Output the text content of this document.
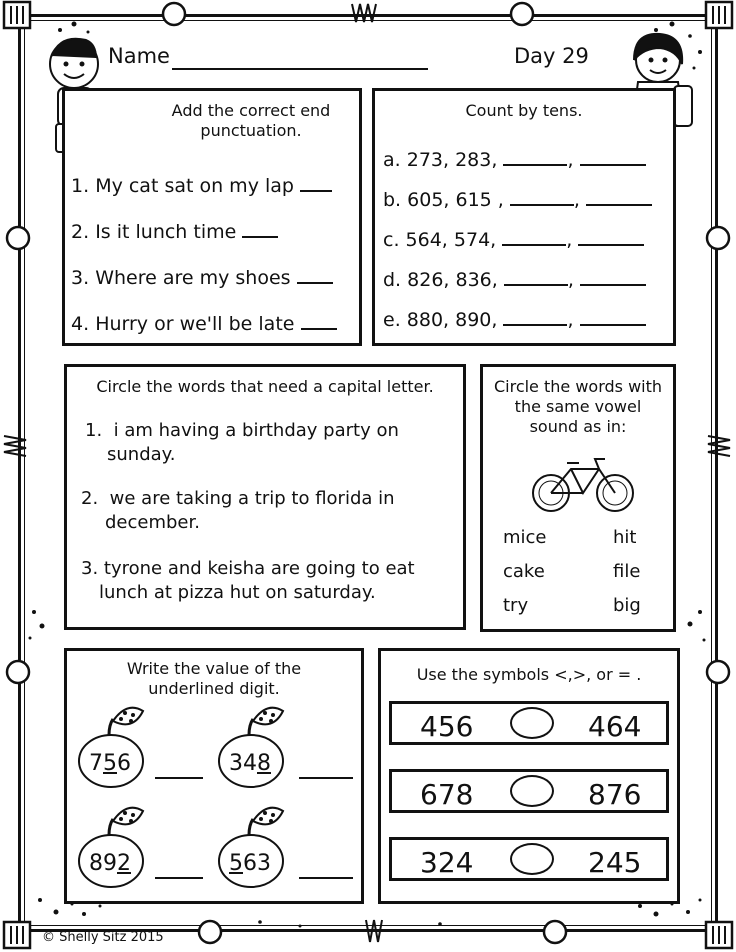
Name	Day 29
Add the correct end punctuation.
1. My cat sat on my lap
2. Is it lunch time
3. Where are my shoes
4. Hurry or we'll be late
Count by tens.
a. 273, 283,	,
b. 605, 615 ,	,
c. 564, 574,	,
d. 826, 836,	,
e. 880, 890,	,
Circle the words that need a capital letter.
1. i am having a birthday party on
sunday.
2. we are taking a trip to florida in
december.
3. tyrone and keisha are going to eat
lunch at pizza hut on saturday.
Circle the words with
the same vowel
sound as in:
mice	hit
cake	file
try	big
Write the value of the
underlined digit.
756	348
892	563
Use the symbols <,>, or = .
456	464
678	876
324	245
© Shelly Sitz 2015
